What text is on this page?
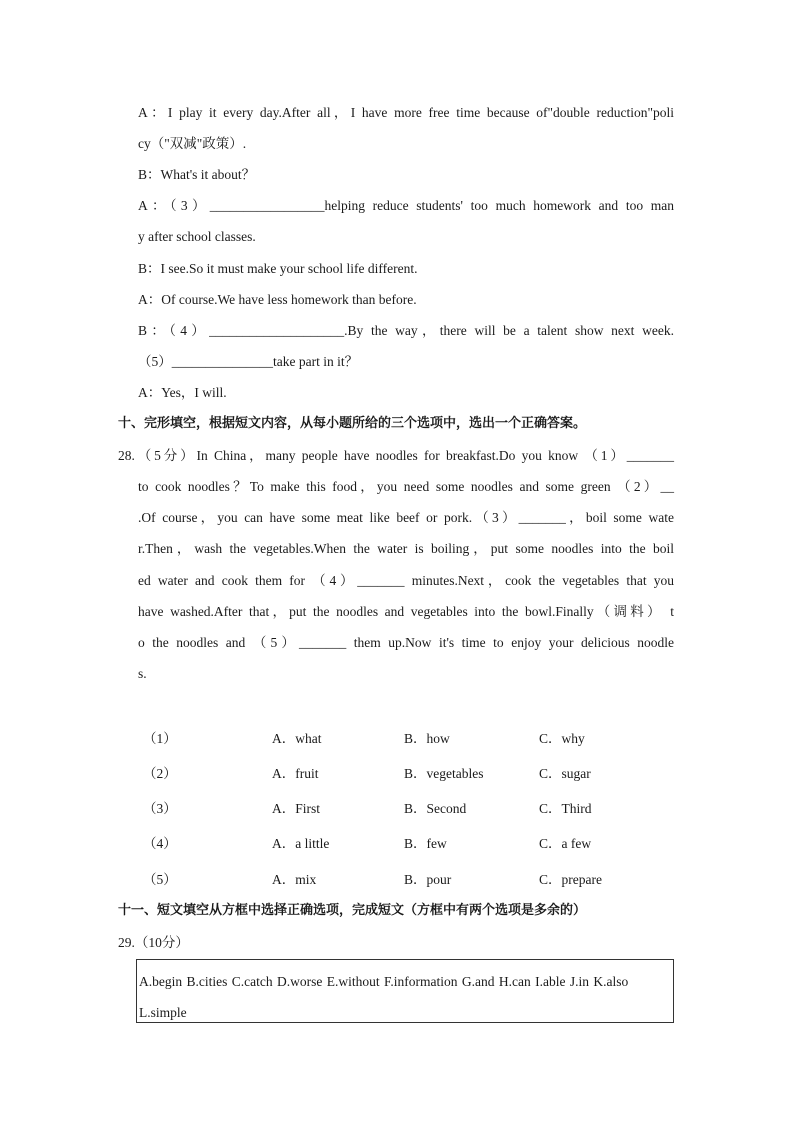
A：I play it every day.After all，I have more free time because of"double reduction"poli
cy（"双减"政策）.
B：What's it about？
A：（3）_________________helping reduce students' too much homework and too man
y after school classes.
B：I see.So it must make your school life different.
A：Of course.We have less homework than before.
B：（4）____________________.By the way，there will be a talent show next week.
（5）_______________take part in it？
A：Yes，I will.
十、完形填空，根据短文内容，从每小题所给的三个选项中，选出一个正确答案。
28.（5分）In China，many people have noodles for breakfast.Do you know （1）_______
to cook noodles？To make this food，you need some noodles and some green （2）__
.Of course，you can have some meat like beef or pork.（3）_______，boil some wate
r.Then，wash the vegetables.When the water is boiling，put some noodles into the boil
ed water and cook them for （4）_______ minutes.Next，cook the vegetables that you
have washed.After that，put the noodles and vegetables into the bowl.Finally（调料） t
o the noodles and （5）_______ them up.Now it's time to enjoy your delicious noodle
s.
（1）	A．what	B．how	C．why
（2）	A．fruit	B．vegetables	C．sugar
（3）	A．First	B．Second	C．Third
（4）	A．a little	B．few	C．a few
（5）	A．mix	B．pour	C．prepare
十一、短文填空从方框中选择正确选项，完成短文（方框中有两个选项是多余的）
29.（10分）
A.begin B.cities C.catch D.worse E.without F.information G.and H.can I.able J.in K.also L.simple
